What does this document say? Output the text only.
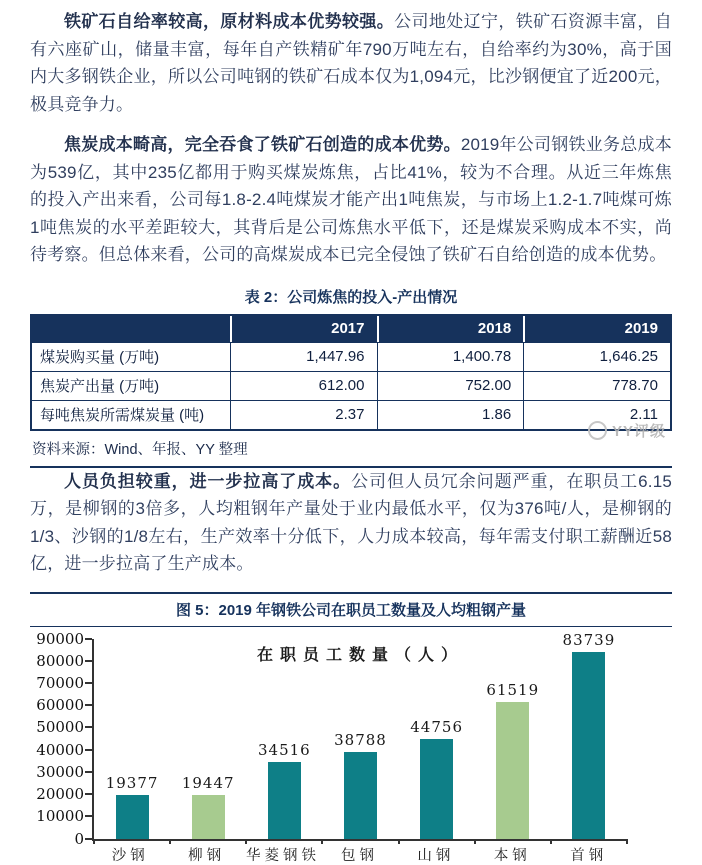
铁矿石自给率较高，原材料成本优势较强。公司地处辽宁，铁矿石资源丰富，自有六座矿山，储量丰富，每年自产铁精矿年790万吨左右，自给率约为30%，高于国内大多钢铁企业，所以公司吨钢的铁矿石成本仅为1,094元，比沙钢便宜了近200元，极具竞争力。

焦炭成本畸高，完全吞食了铁矿石创造的成本优势。2019年公司钢铁业务总成本为539亿，其中235亿都用于购买煤炭炼焦，占比41%，较为不合理。从近三年炼焦的投入产出来看，公司每1.8-2.4吨煤炭才能产出1吨焦炭，与市场上1.2-1.7吨煤可炼1吨焦炭的水平差距较大，其背后是公司炼焦水平低下，还是煤炭采购成本不实，尚待考察。但总体来看，公司的高煤炭成本已完全侵蚀了铁矿石自给创造的成本优势。

表 2：公司炼焦的投入-产出情况
	2017	2018	2019
煤炭购买量 (万吨)	1,447.96	1,400.78	1,646.25
焦炭产出量 (万吨)	612.00	752.00	778.70
每吨焦炭所需煤炭量 (吨)	2.37	1.86	2.11
资料来源：Wind、年报、YY 整理
YY评级

人员负担较重，进一步拉高了成本。公司但人员冗余问题严重，在职员工6.15万，是柳钢的3倍多，人均粗钢年产量处于业内最低水平，仅为376吨/人，是柳钢的1/3、沙钢的1/8左右，生产效率十分低下，人力成本较高，每年需支付职工薪酬近58亿，进一步拉高了生产成本。

图 5：2019 年钢铁公司在职员工数量及人均粗钢产量
90000
80000
70000
60000
50000
40000
30000
20000
10000
0
在职员工数量（人）
19377 19447
34516
38788
44756
61519
83739
沙钢	柳钢	华菱钢铁	包钢	山钢	本钢	首钢
